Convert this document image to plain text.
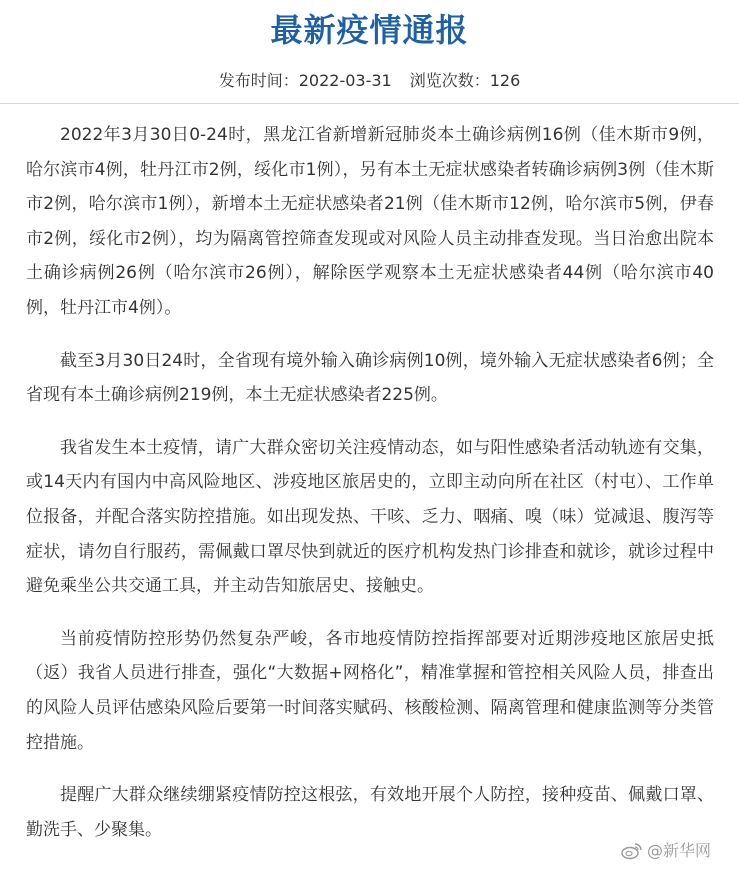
最新疫情通报
发布时间：2022-03-31 浏览次数：126

2022年3月30日0-24时，黑龙江省新增新冠肺炎本土确诊病例16例（佳木斯市9例，哈尔滨市4例，牡丹江市2例，绥化市1例），另有本土无症状感染者转确诊病例3例（佳木斯市2例，哈尔滨市1例），新增本土无症状感染者21例（佳木斯市12例，哈尔滨市5例，伊春市2例，绥化市2例），均为隔离管控筛查发现或对风险人员主动排查发现。当日治愈出院本土确诊病例26例（哈尔滨市26例），解除医学观察本土无症状感染者44例（哈尔滨市40例，牡丹江市4例）。

截至3月30日24时，全省现有境外输入确诊病例10例，境外输入无症状感染者6例；全省现有本土确诊病例219例，本土无症状感染者225例。

我省发生本土疫情，请广大群众密切关注疫情动态，如与阳性感染者活动轨迹有交集，或14天内有国内中高风险地区、涉疫地区旅居史的，立即主动向所在社区（村屯）、工作单位报备，并配合落实防控措施。如出现发热、干咳、乏力、咽痛、嗅（味）觉减退、腹泻等症状，请勿自行服药，需佩戴口罩尽快到就近的医疗机构发热门诊排查和就诊，就诊过程中避免乘坐公共交通工具，并主动告知旅居史、接触史。

当前疫情防控形势仍然复杂严峻，各市地疫情防控指挥部要对近期涉疫地区旅居史抵（返）我省人员进行排查，强化“大数据+网格化”，精准掌握和管控相关风险人员，排查出的风险人员评估感染风险后要第一时间落实赋码、核酸检测、隔离管理和健康监测等分类管控措施。

提醒广大群众继续绷紧疫情防控这根弦，有效地开展个人防控，接种疫苗、佩戴口罩、勤洗手、少聚集。

@新华网
